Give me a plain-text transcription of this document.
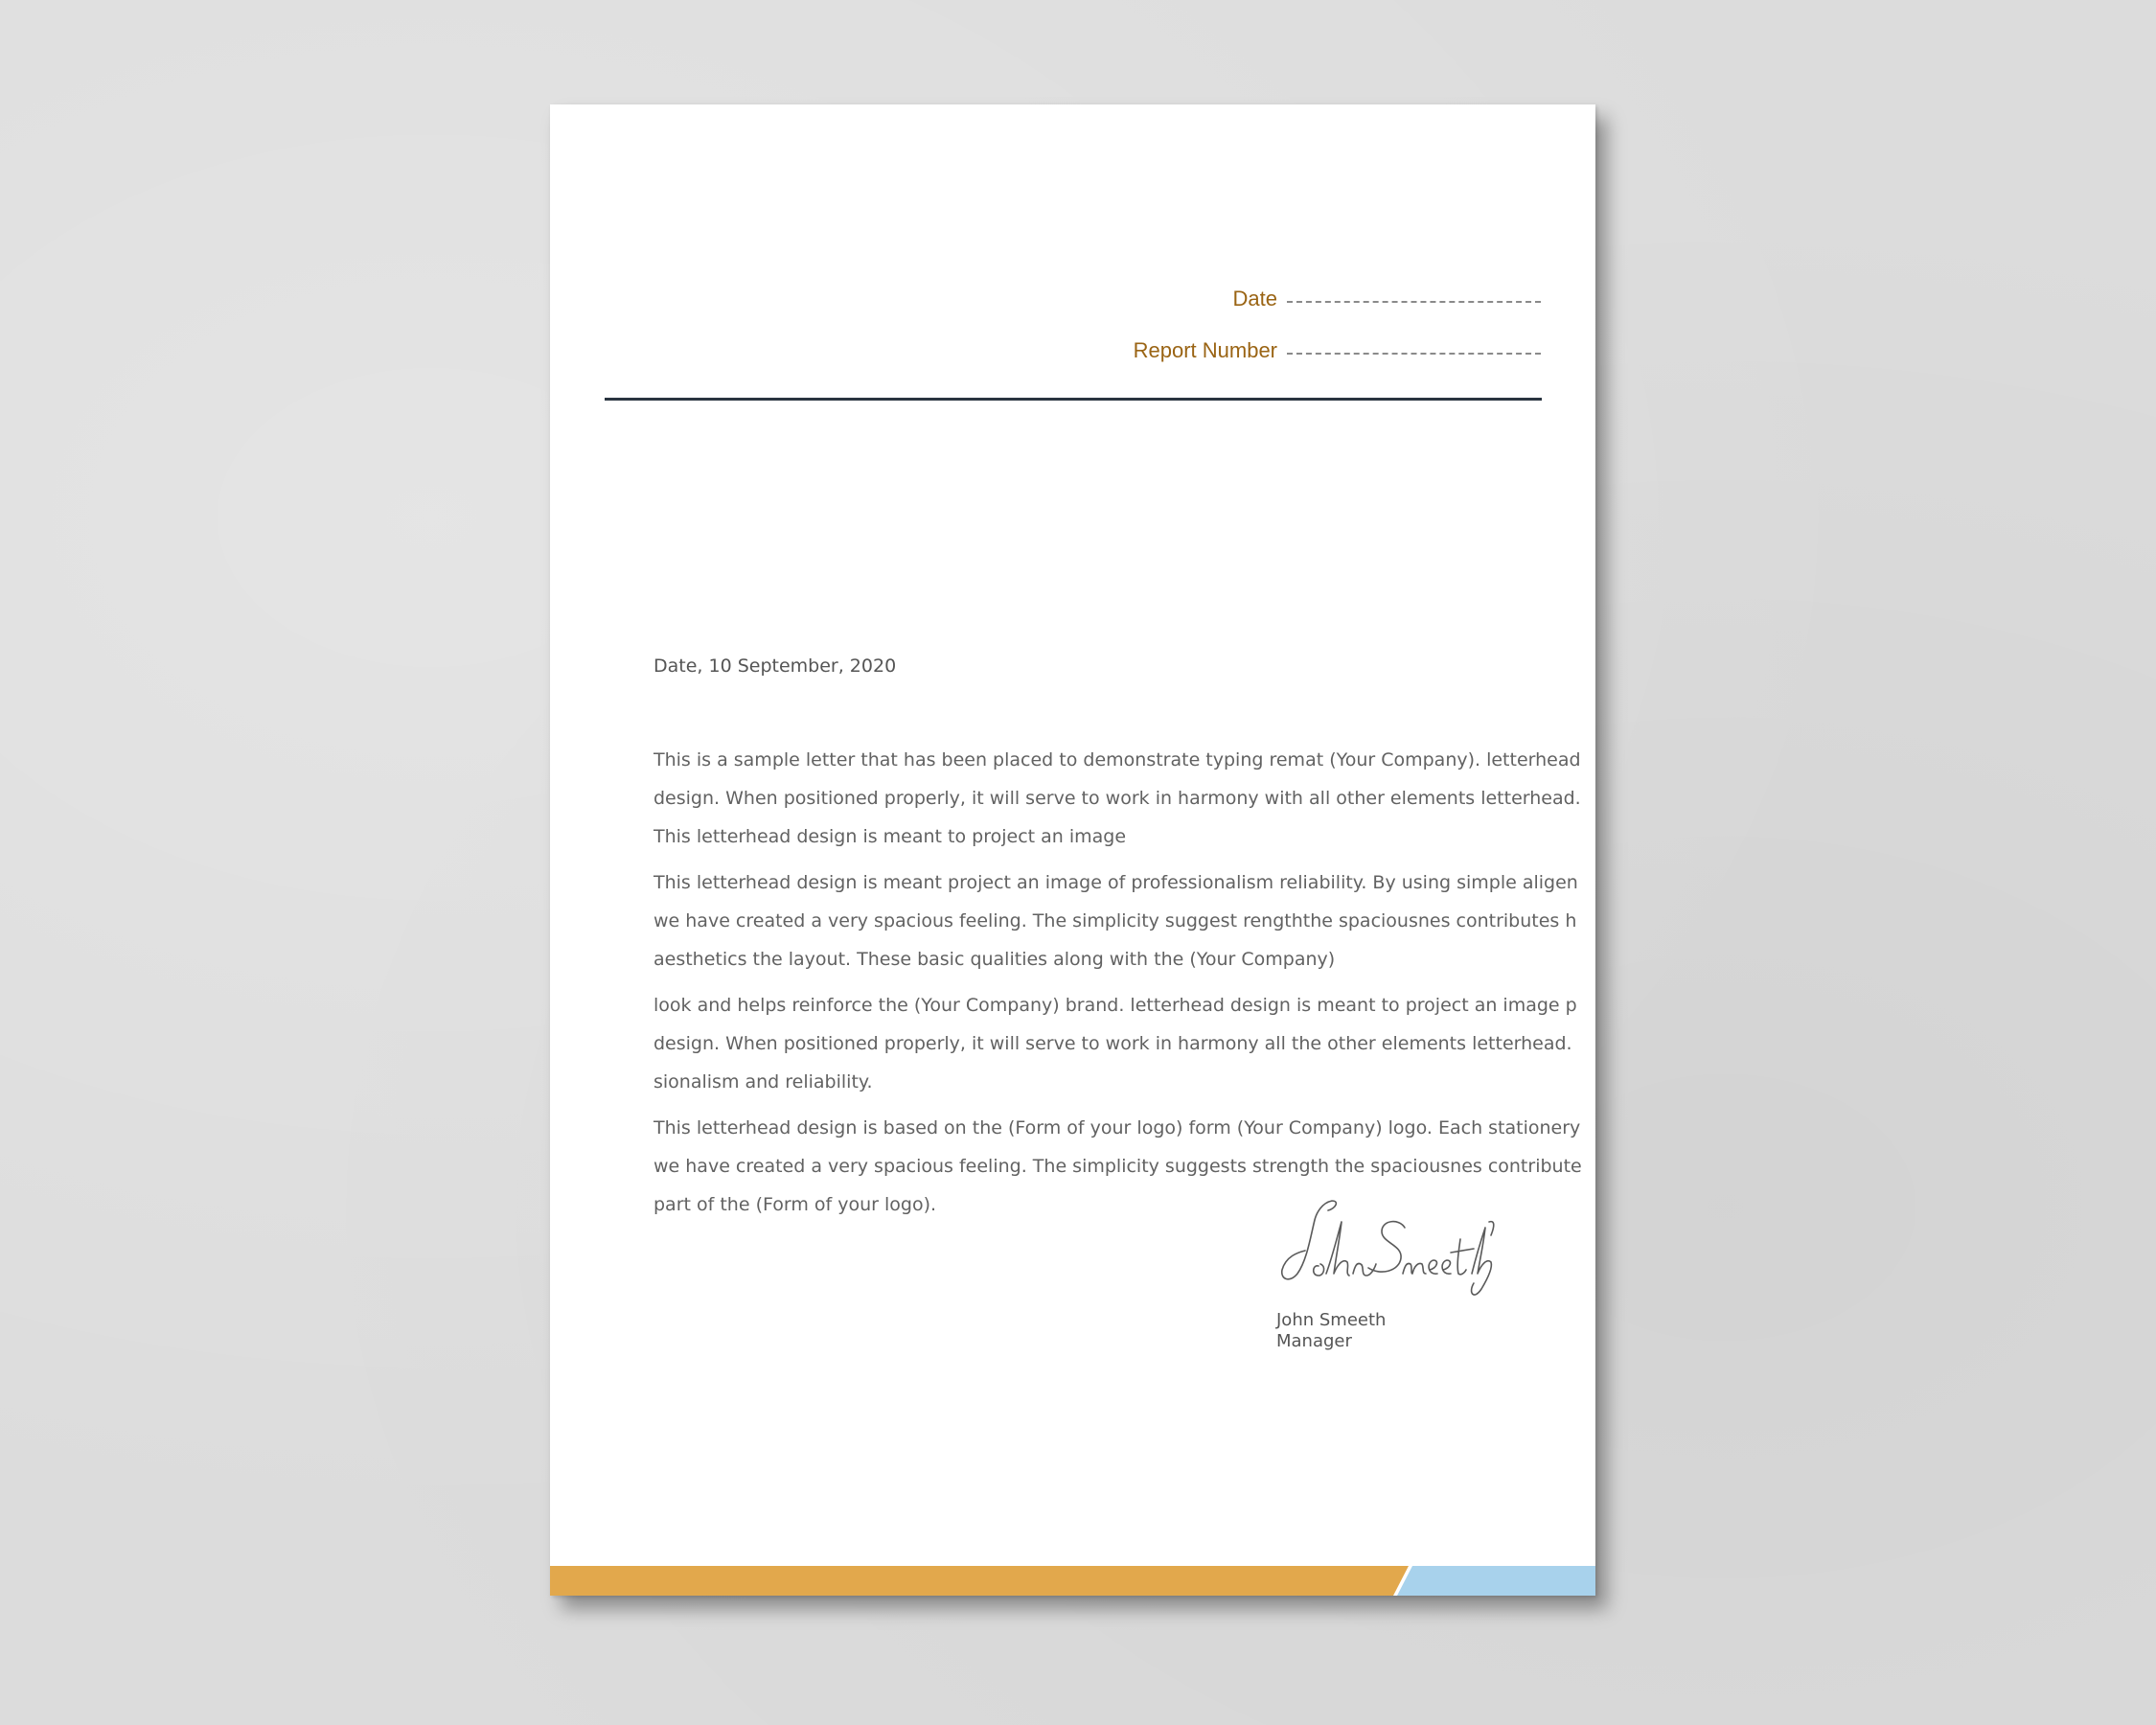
Date
Report Number
Date, 10 September, 2020
This is a sample letter that has been placed to demonstrate typing remat (Your Company). letterhead
design. When positioned properly, it will serve to work in harmony with all other elements letterhead.
This letterhead design is meant to project an image
This letterhead design is meant project an image of professionalism reliability. By using simple aligen
we have created a very spacious feeling. The simplicity suggest rengththe spaciousnes contributes h
aesthetics the layout. These basic qualities along with the (Your Company)
look and helps reinforce the (Your Company) brand. letterhead design is meant to project an image p
design. When positioned properly, it will serve to work in harmony all the other elements letterhead.
sionalism and reliability.
This letterhead design is based on the (Form of your logo) form (Your Company) logo. Each stationery
we have created a very spacious feeling. The simplicity suggests strength the spaciousnes contribute
part of the (Form of your logo).
John Smeeth
Manager
